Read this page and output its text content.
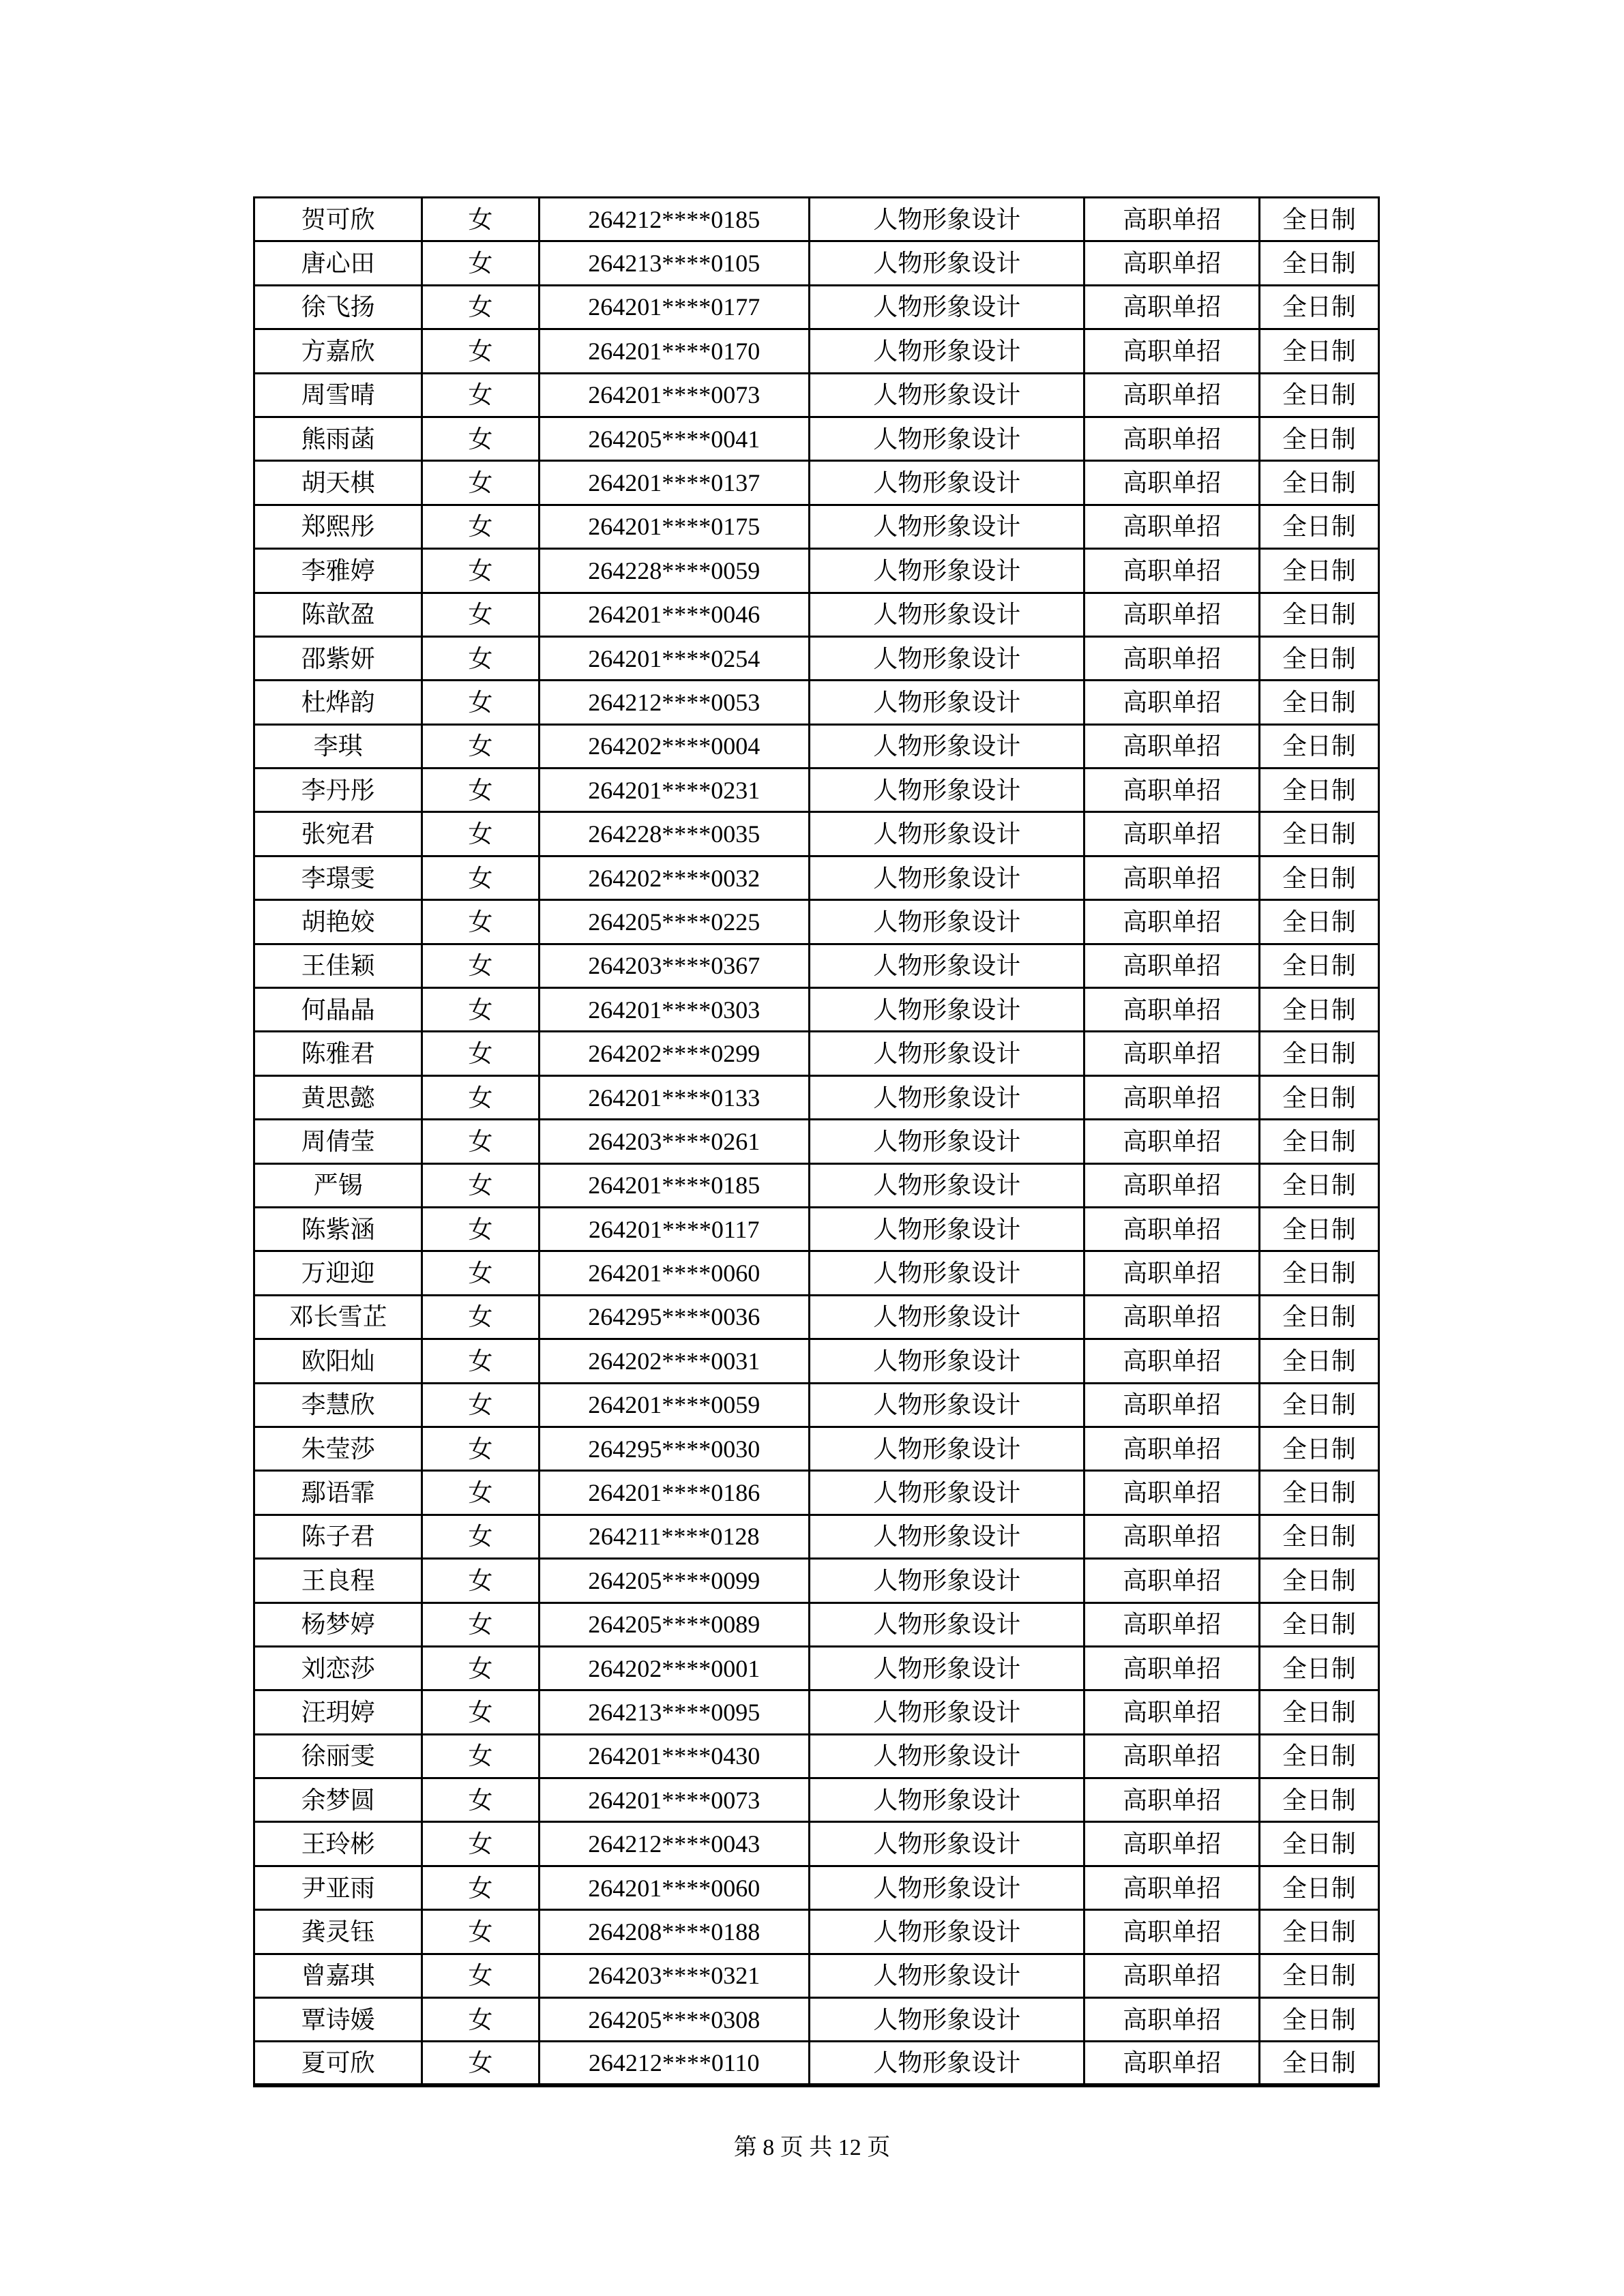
贺可欣	女	264212****0185	人物形象设计	高职单招	全日制
唐心田	女	264213****0105	人物形象设计	高职单招	全日制
徐飞扬	女	264201****0177	人物形象设计	高职单招	全日制
方嘉欣	女	264201****0170	人物形象设计	高职单招	全日制
周雪晴	女	264201****0073	人物形象设计	高职单招	全日制
熊雨菡	女	264205****0041	人物形象设计	高职单招	全日制
胡天棋	女	264201****0137	人物形象设计	高职单招	全日制
郑熙彤	女	264201****0175	人物形象设计	高职单招	全日制
李雅婷	女	264228****0059	人物形象设计	高职单招	全日制
陈歆盈	女	264201****0046	人物形象设计	高职单招	全日制
邵紫妍	女	264201****0254	人物形象设计	高职单招	全日制
杜烨韵	女	264212****0053	人物形象设计	高职单招	全日制
李琪	女	264202****0004	人物形象设计	高职单招	全日制
李丹彤	女	264201****0231	人物形象设计	高职单招	全日制
张宛君	女	264228****0035	人物形象设计	高职单招	全日制
李璟雯	女	264202****0032	人物形象设计	高职单招	全日制
胡艳姣	女	264205****0225	人物形象设计	高职单招	全日制
王佳颖	女	264203****0367	人物形象设计	高职单招	全日制
何晶晶	女	264201****0303	人物形象设计	高职单招	全日制
陈雅君	女	264202****0299	人物形象设计	高职单招	全日制
黄思懿	女	264201****0133	人物形象设计	高职单招	全日制
周倩莹	女	264203****0261	人物形象设计	高职单招	全日制
严锡	女	264201****0185	人物形象设计	高职单招	全日制
陈紫涵	女	264201****0117	人物形象设计	高职单招	全日制
万迎迎	女	264201****0060	人物形象设计	高职单招	全日制
邓长雪芷	女	264295****0036	人物形象设计	高职单招	全日制
欧阳灿	女	264202****0031	人物形象设计	高职单招	全日制
李慧欣	女	264201****0059	人物形象设计	高职单招	全日制
朱莹莎	女	264295****0030	人物形象设计	高职单招	全日制
鄢语霏	女	264201****0186	人物形象设计	高职单招	全日制
陈子君	女	264211****0128	人物形象设计	高职单招	全日制
王良程	女	264205****0099	人物形象设计	高职单招	全日制
杨梦婷	女	264205****0089	人物形象设计	高职单招	全日制
刘恋莎	女	264202****0001	人物形象设计	高职单招	全日制
汪玥婷	女	264213****0095	人物形象设计	高职单招	全日制
徐丽雯	女	264201****0430	人物形象设计	高职单招	全日制
余梦圆	女	264201****0073	人物形象设计	高职单招	全日制
王玲彬	女	264212****0043	人物形象设计	高职单招	全日制
尹亚雨	女	264201****0060	人物形象设计	高职单招	全日制
龚灵钰	女	264208****0188	人物形象设计	高职单招	全日制
曾嘉琪	女	264203****0321	人物形象设计	高职单招	全日制
覃诗媛	女	264205****0308	人物形象设计	高职单招	全日制
夏可欣	女	264212****0110	人物形象设计	高职单招	全日制
第 8 页 共 12 页
